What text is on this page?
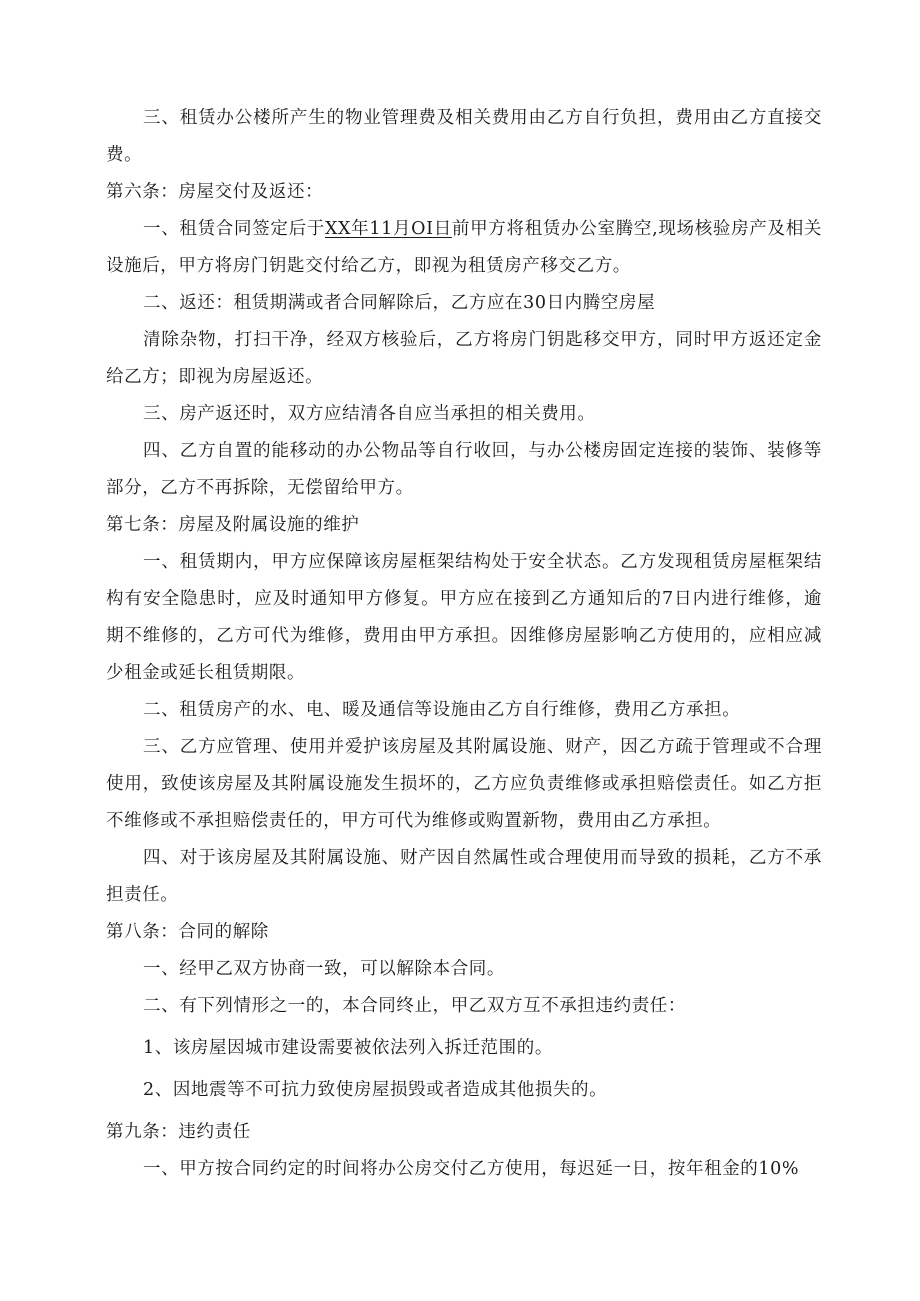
三、租赁办公楼所产生的物业管理费及相关费用由乙方自行负担，费用由乙方直接交费。

第六条：房屋交付及返还：

一、租赁合同签定后于XX年11月OI日前甲方将租赁办公室腾空,现场核验房产及相关设施后，甲方将房门钥匙交付给乙方，即视为租赁房产移交乙方。

二、返还：租赁期满或者合同解除后，乙方应在30日内腾空房屋

清除杂物，打扫干净，经双方核验后，乙方将房门钥匙移交甲方，同时甲方返还定金给乙方；即视为房屋返还。

三、房产返还时，双方应结清各自应当承担的相关费用。

四、乙方自置的能移动的办公物品等自行收回，与办公楼房固定连接的装饰、装修等部分，乙方不再拆除，无偿留给甲方。

第七条：房屋及附属设施的维护

一、租赁期内，甲方应保障该房屋框架结构处于安全状态。乙方发现租赁房屋框架结构有安全隐患时，应及时通知甲方修复。甲方应在接到乙方通知后的7日内进行维修，逾期不维修的，乙方可代为维修，费用由甲方承担。因维修房屋影响乙方使用的，应相应减少租金或延长租赁期限。

二、租赁房产的水、电、暖及通信等设施由乙方自行维修，费用乙方承担。

三、乙方应管理、使用并爱护该房屋及其附属设施、财产，因乙方疏于管理或不合理使用，致使该房屋及其附属设施发生损坏的，乙方应负责维修或承担赔偿责任。如乙方拒不维修或不承担赔偿责任的，甲方可代为维修或购置新物，费用由乙方承担。

四、对于该房屋及其附属设施、财产因自然属性或合理使用而导致的损耗，乙方不承担责任。

第八条：合同的解除

一、经甲乙双方协商一致，可以解除本合同。

二、有下列情形之一的，本合同终止，甲乙双方互不承担违约责任：

1、该房屋因城市建设需要被依法列入拆迁范围的。

2、因地震等不可抗力致使房屋损毁或者造成其他损失的。

第九条：违约责任

一、甲方按合同约定的时间将办公房交付乙方使用，每迟延一日，按年租金的10%
